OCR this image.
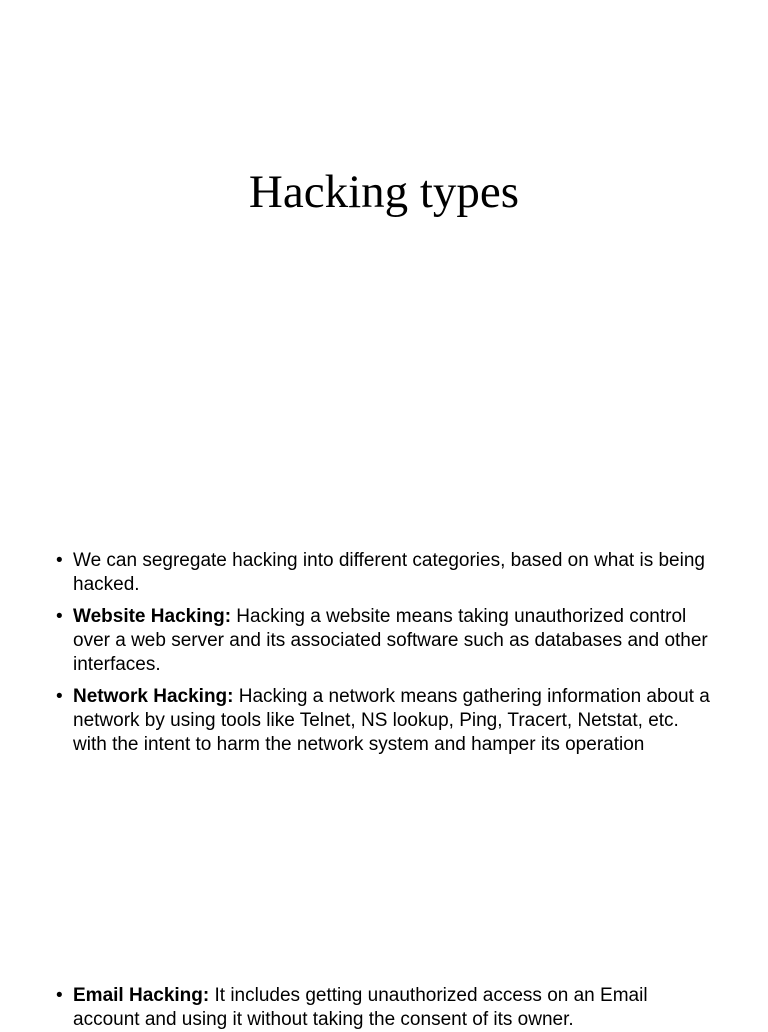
Hacking types
• We can segregate hacking into different categories, based on what is being hacked.
• Website Hacking: Hacking a website means taking unauthorized control over a web server and its associated software such as databases and other interfaces.
• Network Hacking: Hacking a network means gathering information about a network by using tools like Telnet, NS lookup, Ping, Tracert, Netstat, etc. with the intent to harm the network system and hamper its operation
• Email Hacking: It includes getting unauthorized access on an Email account and using it without taking the consent of its owner.
